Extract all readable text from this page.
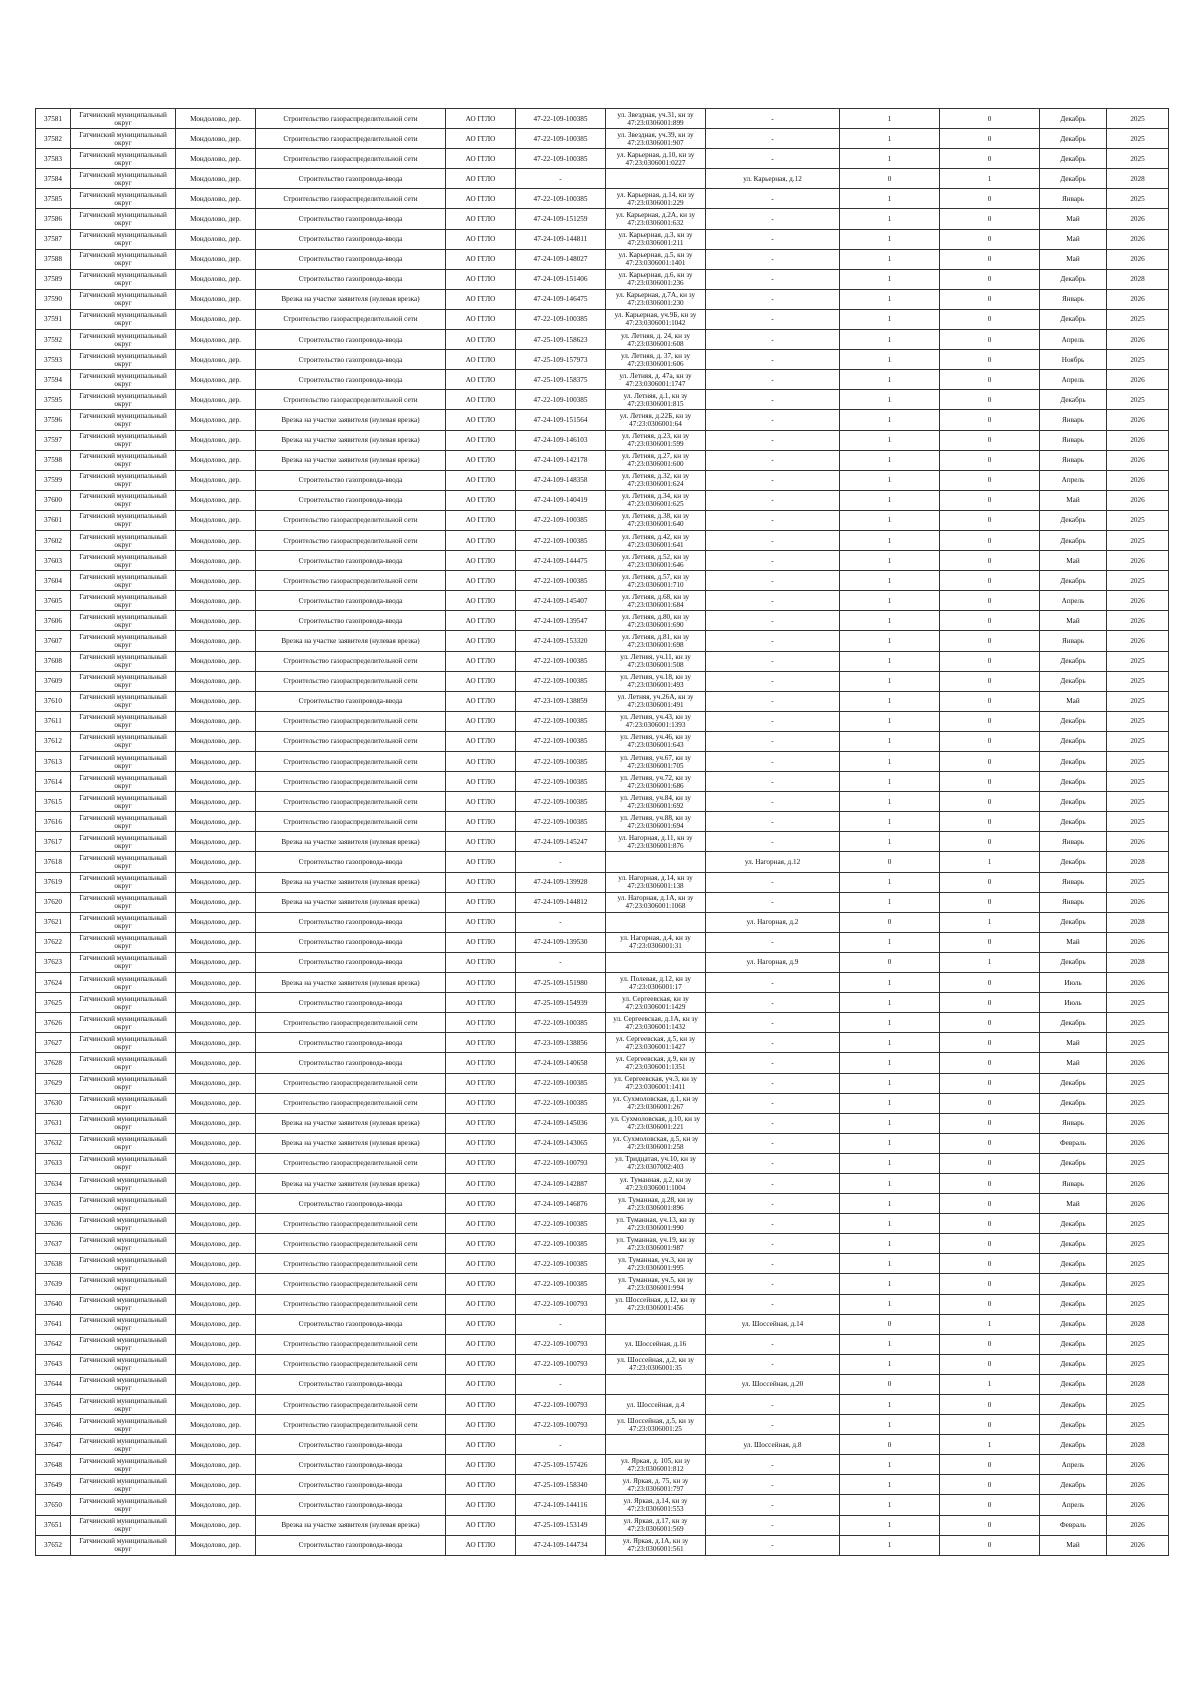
37581	Гатчинский муниципальный округ	Мондолово, дер.	Строительство газораспределительной сети	АО ГГЛО	47-22-109-100385	ул. Звездная, уч.31, кн зу 47:23:0306001:899	-	1	0	Декабрь	2025
37582	Гатчинский муниципальный округ	Мондолово, дер.	Строительство газораспределительной сети	АО ГГЛО	47-22-109-100385	ул. Звездная, уч.39, кн зу 47:23:0306001:907	-	1	0	Декабрь	2025
37583	Гатчинский муниципальный округ	Мондолово, дер.	Строительство газораспределительной сети	АО ГГЛО	47-22-109-100385	ул. Карьерная, д.10, кн зу 47:23:0306001:0227	-	1	0	Декабрь	2025
37584	Гатчинский муниципальный округ	Мондолово, дер.	Строительство газопровода-ввода	АО ГГЛО	-		ул. Карьерная, д.12	0	1	Декабрь	2028
37585	Гатчинский муниципальный округ	Мондолово, дер.	Строительство газораспределительной сети	АО ГГЛО	47-22-109-100385	ул. Карьерная, д.14, кн зу 47:23:0306001:229	-	1	0	Январь	2025
37586	Гатчинский муниципальный округ	Мондолово, дер.	Строительство газопровода-ввода	АО ГГЛО	47-24-109-151259	ул. Карьерная, д.2А, кн зу 47:23:0306001:632	-	1	0	Май	2026
37587	Гатчинский муниципальный округ	Мондолово, дер.	Строительство газопровода-ввода	АО ГГЛО	47-24-109-144811	ул. Карьерная, д.3, кн зу 47:23:0306001:211	-	1	0	Май	2026
37588	Гатчинский муниципальный округ	Мондолово, дер.	Строительство газопровода-ввода	АО ГГЛО	47-24-109-148027	ул. Карьерная, д.5, кн зу 47:23:0306001:1401	-	1	0	Май	2026
37589	Гатчинский муниципальный округ	Мондолово, дер.	Строительство газопровода-ввода	АО ГГЛО	47-24-109-151406	ул. Карьерная, д.6, кн зу 47:23:0306001:236	-	1	0	Декабрь	2028
37590	Гатчинский муниципальный округ	Мондолово, дер.	Врезка на участке заявителя (нулевая врезка)	АО ГГЛО	47-24-109-146475	ул. Карьерная, д.7А, кн зу 47:23:0306001:230	-	1	0	Январь	2026
37591	Гатчинский муниципальный округ	Мондолово, дер.	Строительство газораспределительной сети	АО ГГЛО	47-22-109-100385	ул. Карьерная, уч.9Б, кн зу 47:23:0306001:1042	-	1	0	Декабрь	2025
37592	Гатчинский муниципальный округ	Мондолово, дер.	Строительство газопровода-ввода	АО ГГЛО	47-25-109-158623	ул. Летняя, д. 24, кн зу 47:23:0306001:608	-	1	0	Апрель	2026
37593	Гатчинский муниципальный округ	Мондолово, дер.	Строительство газопровода-ввода	АО ГГЛО	47-25-109-157973	ул. Летняя, д. 37, кн зу 47:23:0306001:606	-	1	0	Ноябрь	2025
37594	Гатчинский муниципальный округ	Мондолово, дер.	Строительство газопровода-ввода	АО ГГЛО	47-25-109-158375	ул. Летняя, д. 47а, кн зу 47:23:0306001:1747	-	1	0	Апрель	2026
37595	Гатчинский муниципальный округ	Мондолово, дер.	Строительство газораспределительной сети	АО ГГЛО	47-22-109-100385	ул. Летняя, д.1, кн зу 47:23:0306001:815	-	1	0	Декабрь	2025
37596	Гатчинский муниципальный округ	Мондолово, дер.	Врезка на участке заявителя (нулевая врезка)	АО ГГЛО	47-24-109-151564	ул. Летняя, д.22Б, кн зу 47:23:0306001:64	-	1	0	Январь	2026
37597	Гатчинский муниципальный округ	Мондолово, дер.	Врезка на участке заявителя (нулевая врезка)	АО ГГЛО	47-24-109-146103	ул. Летняя, д.23, кн зу 47:23:0306001:599	-	1	0	Январь	2026
37598	Гатчинский муниципальный округ	Мондолово, дер.	Врезка на участке заявителя (нулевая врезка)	АО ГГЛО	47-24-109-142178	ул. Летняя, д.27, кн зу 47:23:0306001:600	-	1	0	Январь	2026
37599	Гатчинский муниципальный округ	Мондолово, дер.	Строительство газопровода-ввода	АО ГГЛО	47-24-109-148358	ул. Летняя, д.32, кн зу 47:23:0306001:624	-	1	0	Апрель	2026
37600	Гатчинский муниципальный округ	Мондолово, дер.	Строительство газопровода-ввода	АО ГГЛО	47-24-109-140419	ул. Летняя, д.34, кн зу 47:23:0306001:625	-	1	0	Май	2026
37601	Гатчинский муниципальный округ	Мондолово, дер.	Строительство газораспределительной сети	АО ГГЛО	47-22-109-100385	ул. Летняя, д.38, кн зу 47:23:0306001:640	-	1	0	Декабрь	2025
37602	Гатчинский муниципальный округ	Мондолово, дер.	Строительство газораспределительной сети	АО ГГЛО	47-22-109-100385	ул. Летняя, д.42, кн зу 47:23:0306001:641	-	1	0	Декабрь	2025
37603	Гатчинский муниципальный округ	Мондолово, дер.	Строительство газопровода-ввода	АО ГГЛО	47-24-109-144475	ул. Летняя, д.52, кн зу 47:23:0306001:646	-	1	0	Май	2026
37604	Гатчинский муниципальный округ	Мондолово, дер.	Строительство газораспределительной сети	АО ГГЛО	47-22-109-100385	ул. Летняя, д.57, кн зу 47:23:0306001:710	-	1	0	Декабрь	2025
37605	Гатчинский муниципальный округ	Мондолово, дер.	Строительство газопровода-ввода	АО ГГЛО	47-24-109-145407	ул. Летняя, д.68, кн зу 47:23:0306001:684	-	1	0	Апрель	2026
37606	Гатчинский муниципальный округ	Мондолово, дер.	Строительство газопровода-ввода	АО ГГЛО	47-24-109-139547	ул. Летняя, д.80, кн зу 47:23:0306001:690	-	1	0	Май	2026
37607	Гатчинский муниципальный округ	Мондолово, дер.	Врезка на участке заявителя (нулевая врезка)	АО ГГЛО	47-24-109-153320	ул. Летняя, д.81, кн зу 47:23:0306001:698	-	1	0	Январь	2026
37608	Гатчинский муниципальный округ	Мондолово, дер.	Строительство газораспределительной сети	АО ГГЛО	47-22-109-100385	ул. Летняя, уч.11, кн зу 47:23:0306001:508	-	1	0	Декабрь	2025
37609	Гатчинский муниципальный округ	Мондолово, дер.	Строительство газораспределительной сети	АО ГГЛО	47-22-109-100385	ул. Летняя, уч.18, кн зу 47:23:0306001:493	-	1	0	Декабрь	2025
37610	Гатчинский муниципальный округ	Мондолово, дер.	Строительство газопровода-ввода	АО ГГЛО	47-23-109-138859	ул. Летняя, уч.26А, кн зу 47:23:0306001:491	-	1	0	Май	2025
37611	Гатчинский муниципальный округ	Мондолово, дер.	Строительство газораспределительной сети	АО ГГЛО	47-22-109-100385	ул. Летняя, уч.43, кн зу 47:23:0306001:1393	-	1	0	Декабрь	2025
37612	Гатчинский муниципальный округ	Мондолово, дер.	Строительство газораспределительной сети	АО ГГЛО	47-22-109-100385	ул. Летняя, уч.46, кн зу 47:23:0306001:643	-	1	0	Декабрь	2025
37613	Гатчинский муниципальный округ	Мондолово, дер.	Строительство газораспределительной сети	АО ГГЛО	47-22-109-100385	ул. Летняя, уч.67, кн зу 47:23:0306001:705	-	1	0	Декабрь	2025
37614	Гатчинский муниципальный округ	Мондолово, дер.	Строительство газораспределительной сети	АО ГГЛО	47-22-109-100385	ул. Летняя, уч.72, кн зу 47:23:0306001:686	-	1	0	Декабрь	2025
37615	Гатчинский муниципальный округ	Мондолово, дер.	Строительство газораспределительной сети	АО ГГЛО	47-22-109-100385	ул. Летняя, уч.84, кн зу 47:23:0306001:692	-	1	0	Декабрь	2025
37616	Гатчинский муниципальный округ	Мондолово, дер.	Строительство газораспределительной сети	АО ГГЛО	47-22-109-100385	ул. Летняя, уч.88, кн зу 47:23:0306001:694	-	1	0	Декабрь	2025
37617	Гатчинский муниципальный округ	Мондолово, дер.	Врезка на участке заявителя (нулевая врезка)	АО ГГЛО	47-24-109-145247	ул. Нагорная, д.11, кн зу 47:23:0306001:876	-	1	0	Январь	2026
37618	Гатчинский муниципальный округ	Мондолово, дер.	Строительство газопровода-ввода	АО ГГЛО	-		ул. Нагорная, д.12	0	1	Декабрь	2028
37619	Гатчинский муниципальный округ	Мондолово, дер.	Врезка на участке заявителя (нулевая врезка)	АО ГГЛО	47-24-109-139928	ул. Нагорная, д.14, кн зу 47:23:0306001:138	-	1	0	Январь	2025
37620	Гатчинский муниципальный округ	Мондолово, дер.	Врезка на участке заявителя (нулевая врезка)	АО ГГЛО	47-24-109-144812	ул. Нагорная, д.1А, кн зу 47:23:0306001:1068	-	1	0	Январь	2026
37621	Гатчинский муниципальный округ	Мондолово, дер.	Строительство газопровода-ввода	АО ГГЛО	-		ул. Нагорная, д.2	0	1	Декабрь	2028
37622	Гатчинский муниципальный округ	Мондолово, дер.	Строительство газопровода-ввода	АО ГГЛО	47-24-109-139530	ул. Нагорная, д.4, кн зу 47:23:0306001:31	-	1	0	Май	2026
37623	Гатчинский муниципальный округ	Мондолово, дер.	Строительство газопровода-ввода	АО ГГЛО	-		ул. Нагорная, д.9	0	1	Декабрь	2028
37624	Гатчинский муниципальный округ	Мондолово, дер.	Врезка на участке заявителя (нулевая врезка)	АО ГГЛО	47-25-109-151980	ул. Полевая, д.12, кн зу 47:23:0306001:17	-	1	0	Июль	2026
37625	Гатчинский муниципальный округ	Мондолово, дер.	Строительство газопровода-ввода	АО ГГЛО	47-25-109-154939	ул. Сергеевская, кн зу 47:23:0306001:1429	-	1	0	Июль	2025
37626	Гатчинский муниципальный округ	Мондолово, дер.	Строительство газораспределительной сети	АО ГГЛО	47-22-109-100385	ул. Сергеевская, д.1А, кн зу 47:23:0306001:1432	-	1	0	Декабрь	2025
37627	Гатчинский муниципальный округ	Мондолово, дер.	Строительство газопровода-ввода	АО ГГЛО	47-23-109-138856	ул. Сергеевская, д.5, кн зу 47:23:0306001:1427	-	1	0	Май	2025
37628	Гатчинский муниципальный округ	Мондолово, дер.	Строительство газопровода-ввода	АО ГГЛО	47-24-109-140658	ул. Сергеевская, д.9, кн зу 47:23:0306001:1351	-	1	0	Май	2026
37629	Гатчинский муниципальный округ	Мондолово, дер.	Строительство газораспределительной сети	АО ГГЛО	47-22-109-100385	ул. Сергеевская, уч.3, кн зу 47:23:0306001:1411	-	1	0	Декабрь	2025
37630	Гатчинский муниципальный округ	Мондолово, дер.	Строительство газораспределительной сети	АО ГГЛО	47-22-109-100385	ул. Сухмоловская, д.1, кн зу 47:23:0306001:267	-	1	0	Декабрь	2025
37631	Гатчинский муниципальный округ	Мондолово, дер.	Врезка на участке заявителя (нулевая врезка)	АО ГГЛО	47-24-109-145036	ул. Сухмоловская, д.10, кн зу 47:23:0306001:221	-	1	0	Январь	2026
37632	Гатчинский муниципальный округ	Мондолово, дер.	Врезка на участке заявителя (нулевая врезка)	АО ГГЛО	47-24-109-143065	ул. Сухмоловская, д.5, кн зу 47:23:0306001:258	-	1	0	Февраль	2026
37633	Гатчинский муниципальный округ	Мондолово, дер.	Строительство газораспределительной сети	АО ГГЛО	47-22-109-100793	ул. Тридцатая, уч.10, кн зу 47:23:0307002:403	-	1	0	Декабрь	2025
37634	Гатчинский муниципальный округ	Мондолово, дер.	Врезка на участке заявителя (нулевая врезка)	АО ГГЛО	47-24-109-142887	ул. Туманная, д.2, кн зу 47:23:0306001:1004	-	1	0	Январь	2026
37635	Гатчинский муниципальный округ	Мондолово, дер.	Строительство газопровода-ввода	АО ГГЛО	47-24-109-146876	ул. Туманная, д.28, кн зу 47:23:0306001:896	-	1	0	Май	2026
37636	Гатчинский муниципальный округ	Мондолово, дер.	Строительство газораспределительной сети	АО ГГЛО	47-22-109-100385	ул. Туманная, уч.13, кн зу 47:23:0306001:990	-	1	0	Декабрь	2025
37637	Гатчинский муниципальный округ	Мондолово, дер.	Строительство газораспределительной сети	АО ГГЛО	47-22-109-100385	ул. Туманная, уч.19, кн зу 47:23:0306001:987	-	1	0	Декабрь	2025
37638	Гатчинский муниципальный округ	Мондолово, дер.	Строительство газораспределительной сети	АО ГГЛО	47-22-109-100385	ул. Туманная, уч.3, кн зу 47:23:0306001:995	-	1	0	Декабрь	2025
37639	Гатчинский муниципальный округ	Мондолово, дер.	Строительство газораспределительной сети	АО ГГЛО	47-22-109-100385	ул. Туманная, уч.5, кн зу 47:23:0306001:994	-	1	0	Декабрь	2025
37640	Гатчинский муниципальный округ	Мондолово, дер.	Строительство газораспределительной сети	АО ГГЛО	47-22-109-100793	ул. Шоссейная, д.12, кн зу 47:23:0306001:456	-	1	0	Декабрь	2025
37641	Гатчинский муниципальный округ	Мондолово, дер.	Строительство газопровода-ввода	АО ГГЛО	-		ул. Шоссейная, д.14	0	1	Декабрь	2028
37642	Гатчинский муниципальный округ	Мондолово, дер.	Строительство газораспределительной сети	АО ГГЛО	47-22-109-100793	ул. Шоссейная, д.16	-	1	0	Декабрь	2025
37643	Гатчинский муниципальный округ	Мондолово, дер.	Строительство газораспределительной сети	АО ГГЛО	47-22-109-100793	ул. Шоссейная, д.2, кн зу 47:23:0306001:35	-	1	0	Декабрь	2025
37644	Гатчинский муниципальный округ	Мондолово, дер.	Строительство газопровода-ввода	АО ГГЛО	-		ул. Шоссейная, д.20	0	1	Декабрь	2028
37645	Гатчинский муниципальный округ	Мондолово, дер.	Строительство газораспределительной сети	АО ГГЛО	47-22-109-100793	ул. Шоссейная, д.4	-	1	0	Декабрь	2025
37646	Гатчинский муниципальный округ	Мондолово, дер.	Строительство газораспределительной сети	АО ГГЛО	47-22-109-100793	ул. Шоссейная, д.5, кн зу 47:23:0306001:25	-	1	0	Декабрь	2025
37647	Гатчинский муниципальный округ	Мондолово, дер.	Строительство газопровода-ввода	АО ГГЛО	-		ул. Шоссейная, д.8	0	1	Декабрь	2028
37648	Гатчинский муниципальный округ	Мондолово, дер.	Строительство газопровода-ввода	АО ГГЛО	47-25-109-157426	ул. Яркая, д. 105, кн зу 47:23:0306001:812	-	1	0	Апрель	2026
37649	Гатчинский муниципальный округ	Мондолово, дер.	Строительство газопровода-ввода	АО ГГЛО	47-25-109-158340	ул. Яркая, д. 75, кн зу 47:23:0306001:797	-	1	0	Декабрь	2026
37650	Гатчинский муниципальный округ	Мондолово, дер.	Строительство газопровода-ввода	АО ГГЛО	47-24-109-144116	ул. Яркая, д.14, кн зу 47:23:0306001:553	-	1	0	Апрель	2026
37651	Гатчинский муниципальный округ	Мондолово, дер.	Врезка на участке заявителя (нулевая врезка)	АО ГГЛО	47-25-109-153149	ул. Яркая, д.17, кн зу 47:23:0306001:569	-	1	0	Февраль	2026
37652	Гатчинский муниципальный округ	Мондолово, дер.	Строительство газопровода-ввода	АО ГГЛО	47-24-109-144734	ул. Яркая, д.1А, кн зу 47:23:0306001:561	-	1	0	Май	2026
